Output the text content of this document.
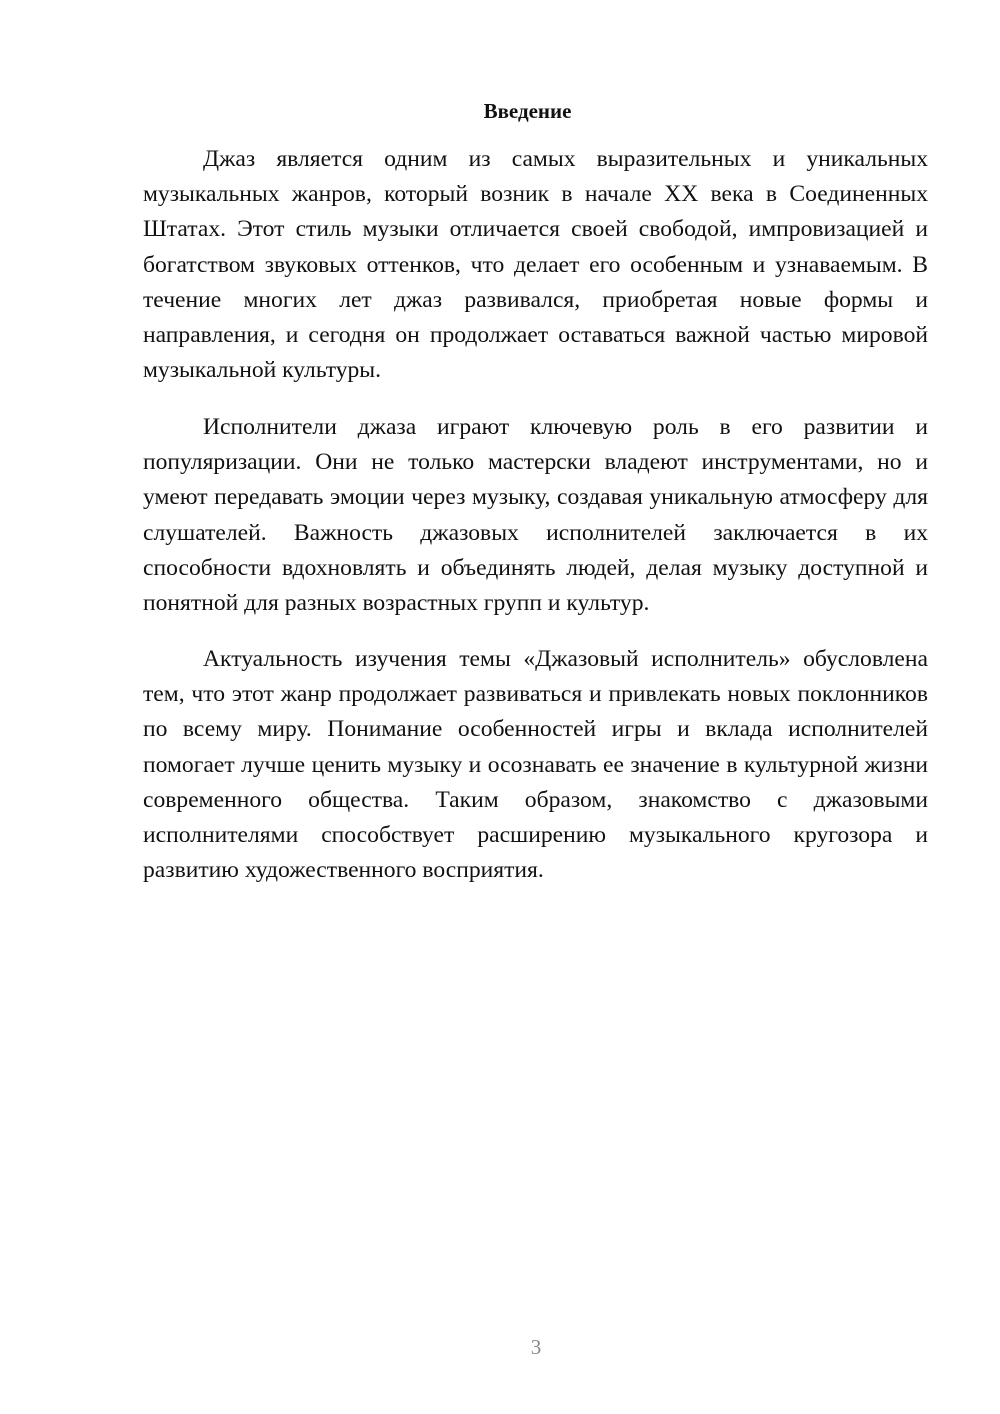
Введение

Джаз является одним из самых выразительных и уникальных музыкальных жанров, который возник в начале XX века в Соединенных Штатах. Этот стиль музыки отличается своей свободой, импровизацией и богатством звуковых оттенков, что делает его особенным и узнаваемым. В течение многих лет джаз развивался, приобретая новые формы и направления, и сегодня он продолжает оставаться важной частью мировой музыкальной культуры.

Исполнители джаза играют ключевую роль в его развитии и популяризации. Они не только мастерски владеют инструментами, но и умеют передавать эмоции через музыку, создавая уникальную атмосферу для слушателей. Важность джазовых исполнителей заключается в их способности вдохновлять и объединять людей, делая музыку доступной и понятной для разных возрастных групп и культур.

Актуальность изучения темы «Джазовый исполнитель» обусловлена тем, что этот жанр продолжает развиваться и привлекать новых поклонников по всему миру. Понимание особенностей игры и вклада исполнителей помогает лучше ценить музыку и осознавать ее значение в культурной жизни современного общества. Таким образом, знакомство с джазовыми исполнителями способствует расширению музыкального кругозора и развитию художественного восприятия.

3
